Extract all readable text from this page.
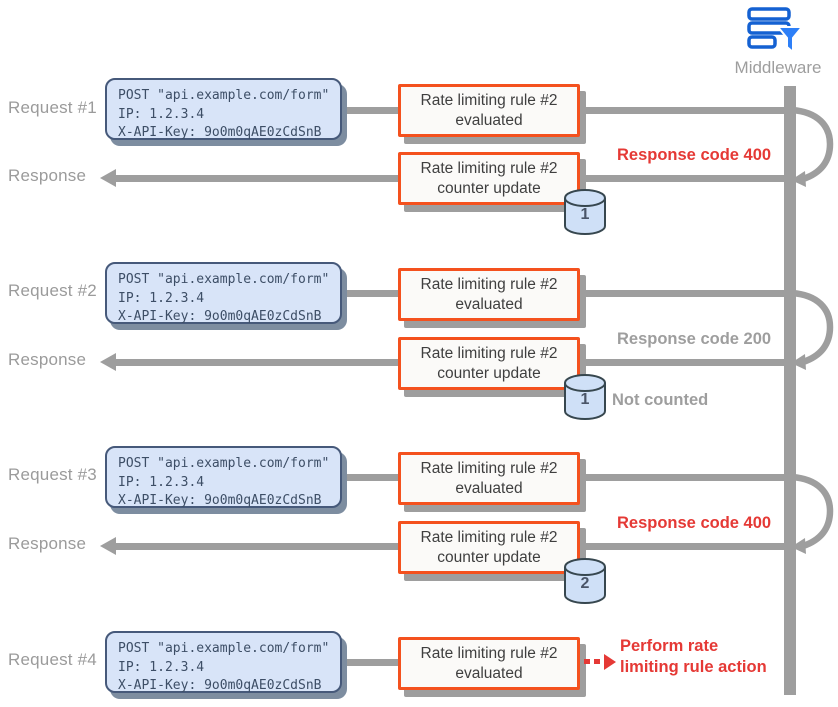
Request #1
Response
Request #2
Response
Request #3
Response
Request #4
POST "api.example.com/form"
IP: 1.2.3.4
X-API-Key: 9o0m0qAE0zCdSnB
POST "api.example.com/form"
IP: 1.2.3.4
X-API-Key: 9o0m0qAE0zCdSnB
POST "api.example.com/form"
IP: 1.2.3.4
X-API-Key: 9o0m0qAE0zCdSnB
POST "api.example.com/form"
IP: 1.2.3.4
X-API-Key: 9o0m0qAE0zCdSnB
Rate limiting rule #2
evaluated
Rate limiting rule #2
counter update
Rate limiting rule #2
evaluated
Rate limiting rule #2
counter update
Rate limiting rule #2
evaluated
Rate limiting rule #2
counter update
Rate limiting rule #2
evaluated
1
1
2
Response code 400
Response code 200
Not counted
Response code 400
Perform rate
limiting rule action
Middleware
